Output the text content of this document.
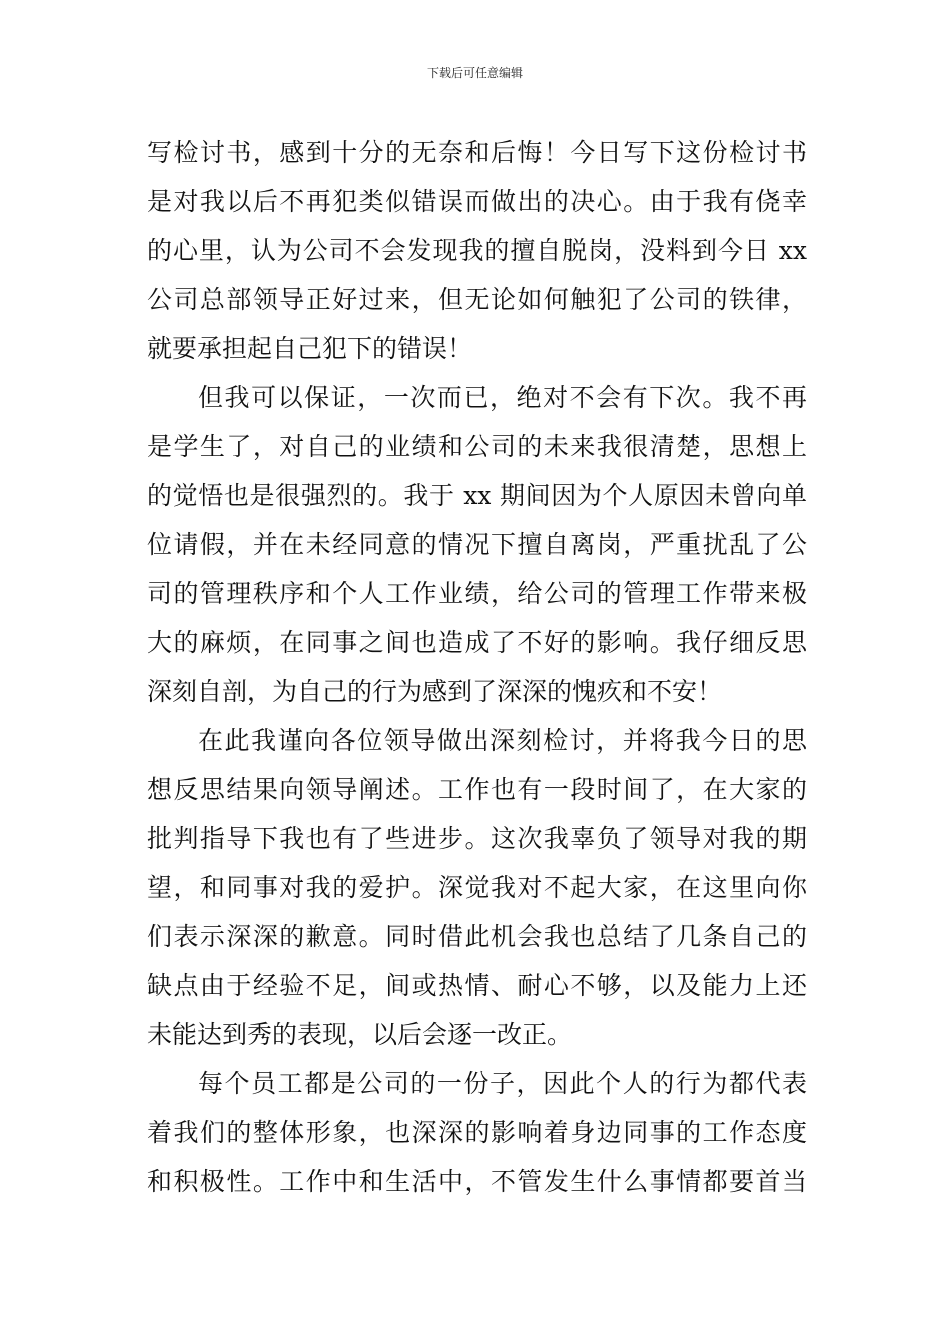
下载后可任意编辑
写检讨书，感到十分的无奈和后悔！今日写下这份检讨书
是对我以后不再犯类似错误而做出的决心。由于我有侥幸
的心里，认为公司不会发现我的擅自脱岗，没料到今日 xx
公司总部领导正好过来，但无论如何触犯了公司的铁律，
就要承担起自己犯下的错误！
但我可以保证，一次而已，绝对不会有下次。我不再
是学生了，对自己的业绩和公司的未来我很清楚，思想上
的觉悟也是很强烈的。我于 xx 期间因为个人原因未曾向单
位请假，并在未经同意的情况下擅自离岗，严重扰乱了公
司的管理秩序和个人工作业绩，给公司的管理工作带来极
大的麻烦，在同事之间也造成了不好的影响。我仔细反思
深刻自剖，为自己的行为感到了深深的愧疚和不安！
在此我谨向各位领导做出深刻检讨，并将我今日的思
想反思结果向领导阐述。工作也有一段时间了，在大家的
批判指导下我也有了些进步。这次我辜负了领导对我的期
望，和同事对我的爱护。深觉我对不起大家，在这里向你
们表示深深的歉意。同时借此机会我也总结了几条自己的
缺点由于经验不足，间或热情、耐心不够，以及能力上还
未能达到秀的表现，以后会逐一改正。
每个员工都是公司的一份子，因此个人的行为都代表
着我们的整体形象，也深深的影响着身边同事的工作态度
和积极性。工作中和生活中，不管发生什么事情都要首当
